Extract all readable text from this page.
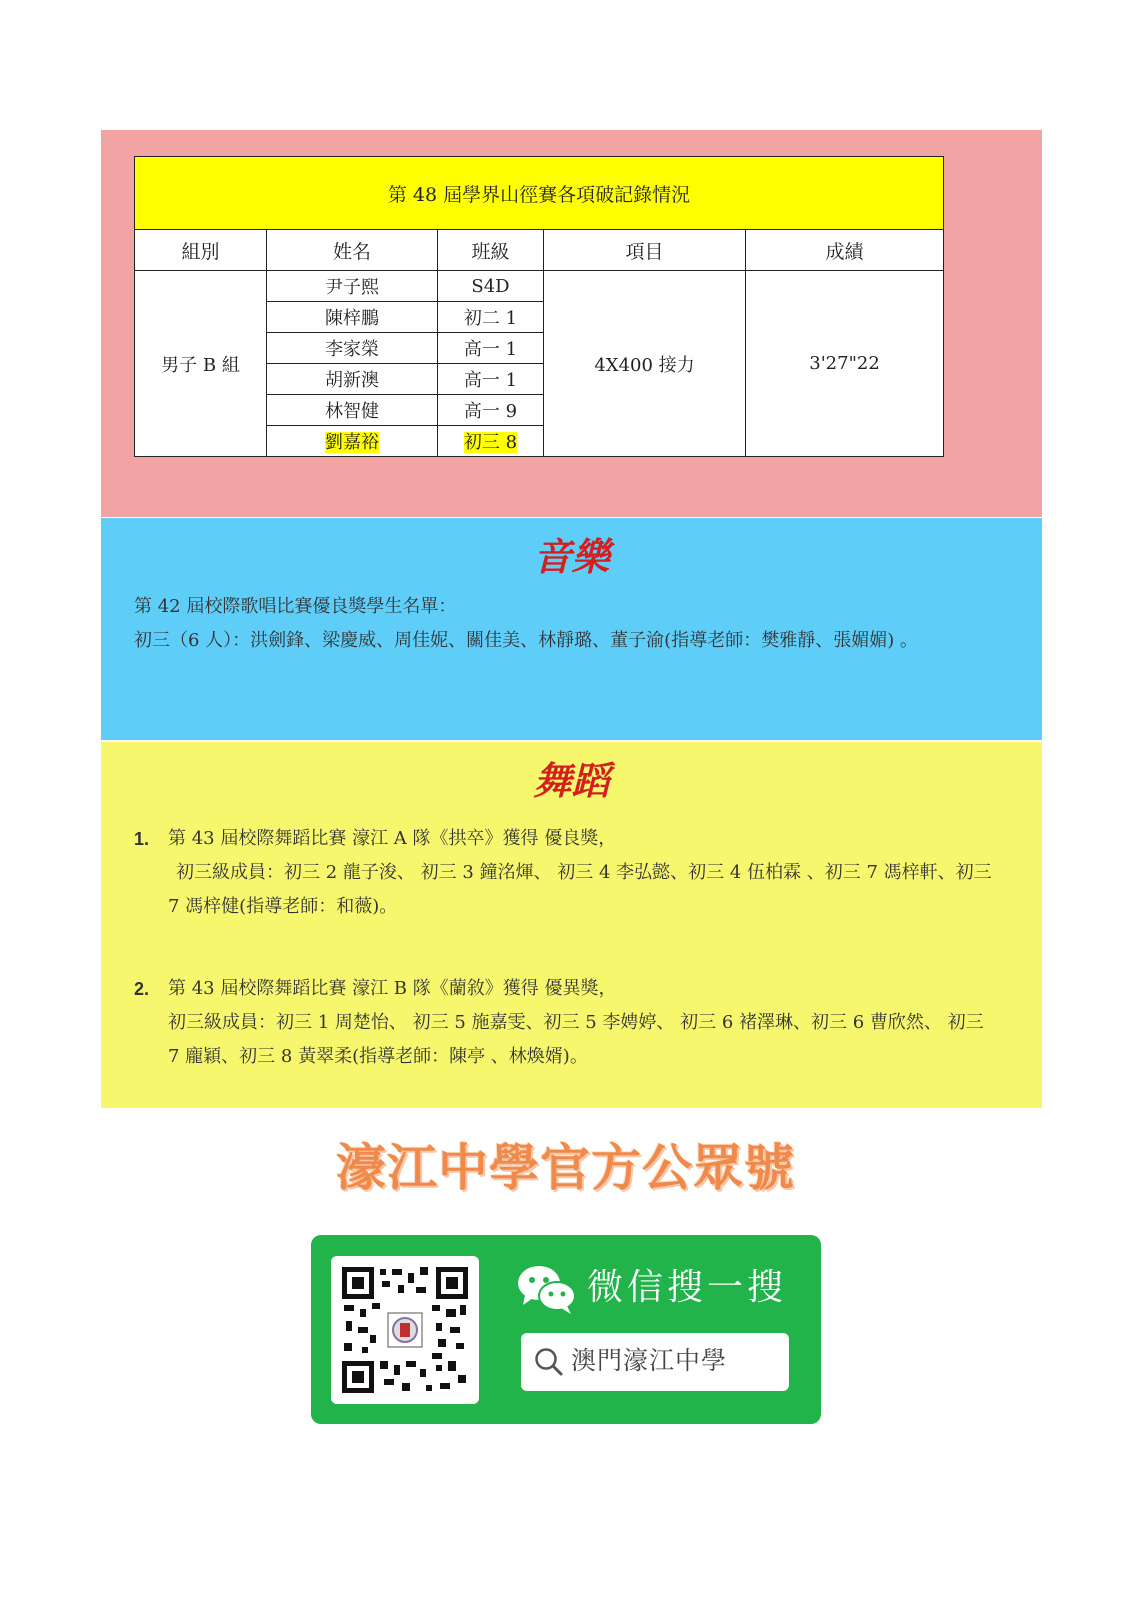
第 48 屆學界山徑賽各項破記錄情況				
組別	姓名	班級	項目	成績
男子 B 組	尹子熙	S4D	4X400 接力	3'27"22
	陳梓鵬	初二 1		
	李家榮	高一 1		
	胡新澳	高一 1		
	林智健	高一 9		
	劉嘉裕	初三 8		
音樂
第 42 屆校際歌唱比賽優良獎學生名單：
初三（6 人）：洪劍鋒、梁慶威、周佳妮、關佳美、林靜璐、董子渝(指導老師：樊雅靜、張媚媚) 。
舞蹈
1. 第 43 屆校際舞蹈比賽 濠江 A 隊《拱卒》獲得 優良獎，
初三級成員：初三 2 龍子浚、 初三 3 鐘洺煇、 初三 4 李弘懿、初三 4 伍柏霖 、初三 7 馮梓軒、初三 7 馮梓健(指導老師：和薇)。
2. 第 43 屆校際舞蹈比賽 濠江 B 隊《蘭敘》獲得 優異獎，
初三級成員：初三 1 周楚怡、 初三 5 施嘉雯、初三 5 李娉婷、 初三 6 褚澤琳、初三 6 曹欣然、 初三 7 龐穎、初三 8 黃翠柔(指導老師：陳亭 、林煥婿)。
濠江中學官方公眾號
微信搜一搜
澳門濠江中學
